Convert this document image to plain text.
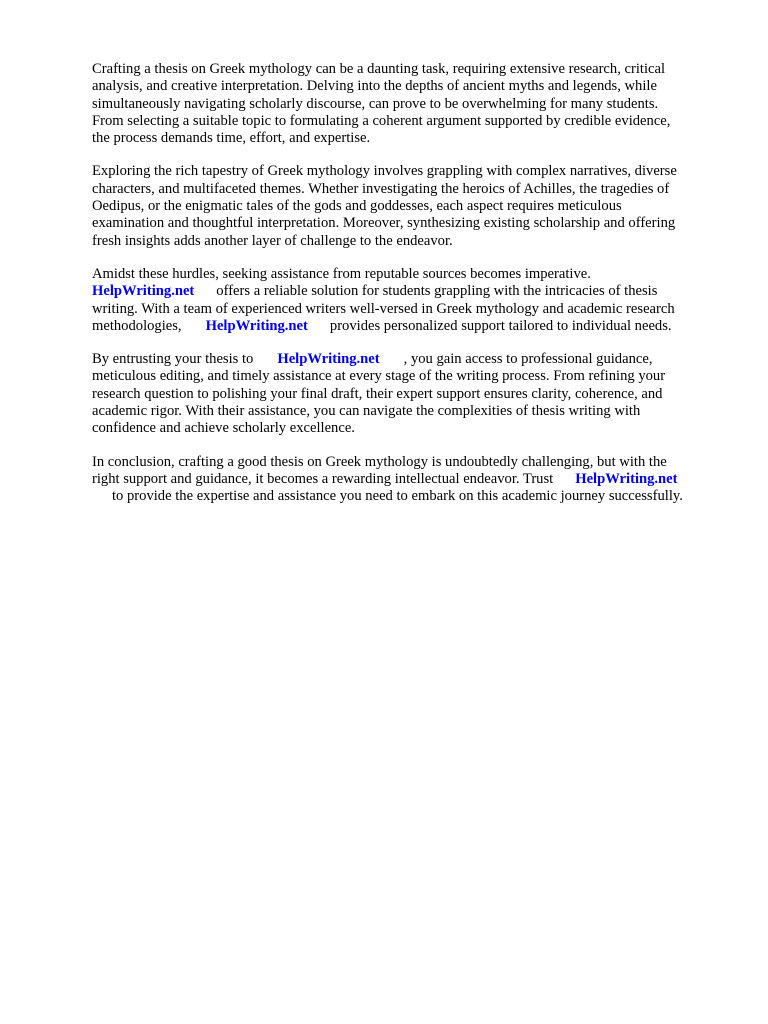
Crafting a thesis on Greek mythology can be a daunting task, requiring extensive research, critical
analysis, and creative interpretation. Delving into the depths of ancient myths and legends, while
simultaneously navigating scholarly discourse, can prove to be overwhelming for many students.
From selecting a suitable topic to formulating a coherent argument supported by credible evidence,
the process demands time, effort, and expertise.

Exploring the rich tapestry of Greek mythology involves grappling with complex narratives, diverse
characters, and multifaceted themes. Whether investigating the heroics of Achilles, the tragedies of
Oedipus, or the enigmatic tales of the gods and goddesses, each aspect requires meticulous
examination and thoughtful interpretation. Moreover, synthesizing existing scholarship and offering
fresh insights adds another layer of challenge to the endeavor.

Amidst these hurdles, seeking assistance from reputable sources becomes imperative.
HelpWriting.net offers a reliable solution for students grappling with the intricacies of thesis
writing. With a team of experienced writers well-versed in Greek mythology and academic research
methodologies, HelpWriting.net provides personalized support tailored to individual needs.

By entrusting your thesis to HelpWriting.net , you gain access to professional guidance,
meticulous editing, and timely assistance at every stage of the writing process. From refining your
research question to polishing your final draft, their expert support ensures clarity, coherence, and
academic rigor. With their assistance, you can navigate the complexities of thesis writing with
confidence and achieve scholarly excellence.

In conclusion, crafting a good thesis on Greek mythology is undoubtedly challenging, but with the
right support and guidance, it becomes a rewarding intellectual endeavor. Trust HelpWriting.net
to provide the expertise and assistance you need to embark on this academic journey successfully.
